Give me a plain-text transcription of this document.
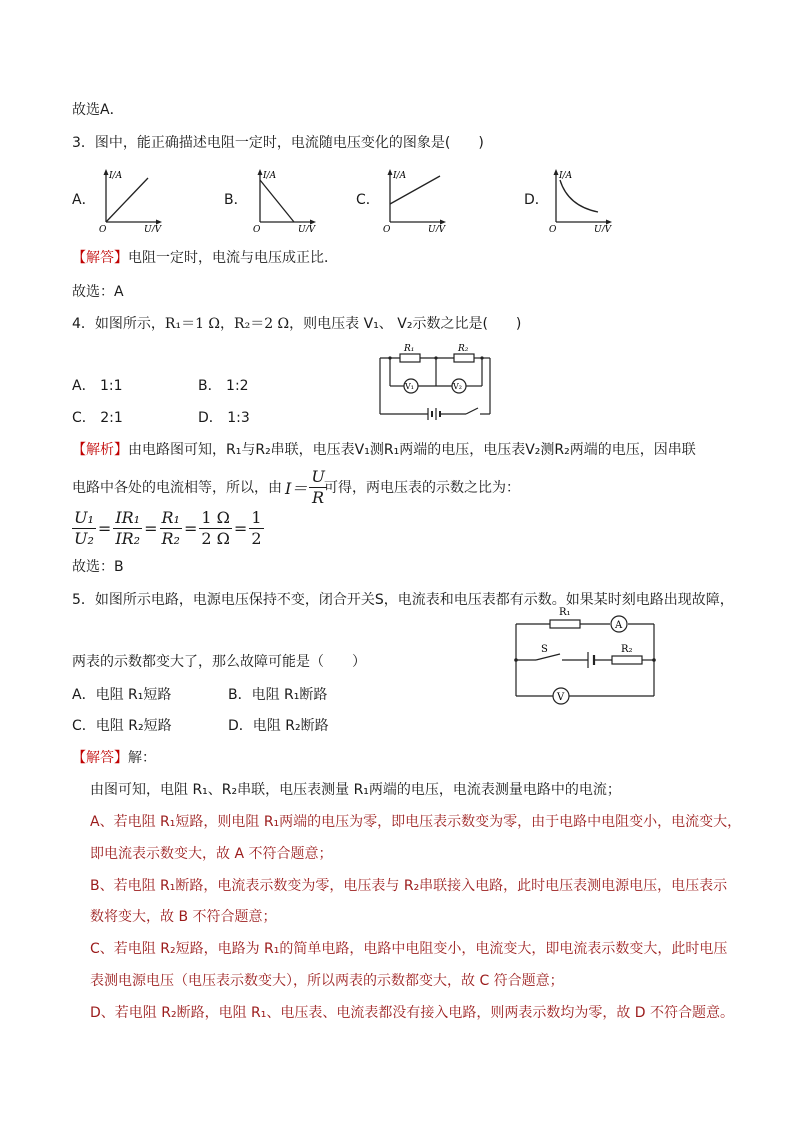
故选A．
3．图中，能正确描述电阻一定时，电流随电压变化的图象是(　　)
A．
I/A
U/V
O
B．
I/A
U/V
O
C．
I/A
U/V
O
D．
I/A
U/V
O
【解答】电阻一定时，电流与电压成正比．
故选：A
4．如图所示，R₁＝1 Ω，R₂＝2 Ω，则电压表 V₁、 V₂示数之比是(　　)
A． 1:1	B． 1:2
C． 2:1	D． 1:3
R₁	R₂
V₁	V₂
【解析】由电路图可知，R₁与R₂串联，电压表V₁测R₁两端的电压，电压表V₂测R₂两端的电压，因串联
电路中各处的电流相等，所以，由 $I= \frac{U}{R}$
可得，两电压表的示数之比为：
$\frac{\text{U₁}}{\text{U₂}} = \frac{\text{IR₁}}{\text{IR₂}} = \frac{\text{R₁}}{\text{R₂}} = \frac{1 \Omega}{2 \Omega} = \frac{1}{2}$
故选：B
5．如图所示电路，电源电压保持不变，闭合开关S，电流表和电压表都有示数。如果某时刻电路出现故障，
两表的示数都变大了，那么故障可能是（　　）
R₁
R₂
A
V
S
A．电阻 R₁短路	B．电阻 R₁断路
C．电阻 R₂短路	D．电阻 R₂断路
【解答】解：
由图可知，电阻 R₁、R₂串联，电压表测量 R₁两端的电压，电流表测量电路中的电流；
A、若电阻 R₁短路，则电阻 R₁两端的电压为零，即电压表示数变为零，由于电路中电阻变小，电流变大，
即电流表示数变大，故 A 不符合题意；
B、若电阻 R₁断路，电流表示数变为零，电压表与 R₂串联接入电路，此时电压表测电源电压，电压表示
数将变大，故 B 不符合题意；
C、若电阻 R₂短路，电路为 R₁的简单电路，电路中电阻变小，电流变大，即电流表示数变大，此时电压
表测电源电压（电压表示数变大），所以两表的示数都变大，故 C 符合题意；
D、若电阻 R₂断路，电阻 R₁、电压表、电流表都没有接入电路，则两表示数均为零，故 D 不符合题意。
